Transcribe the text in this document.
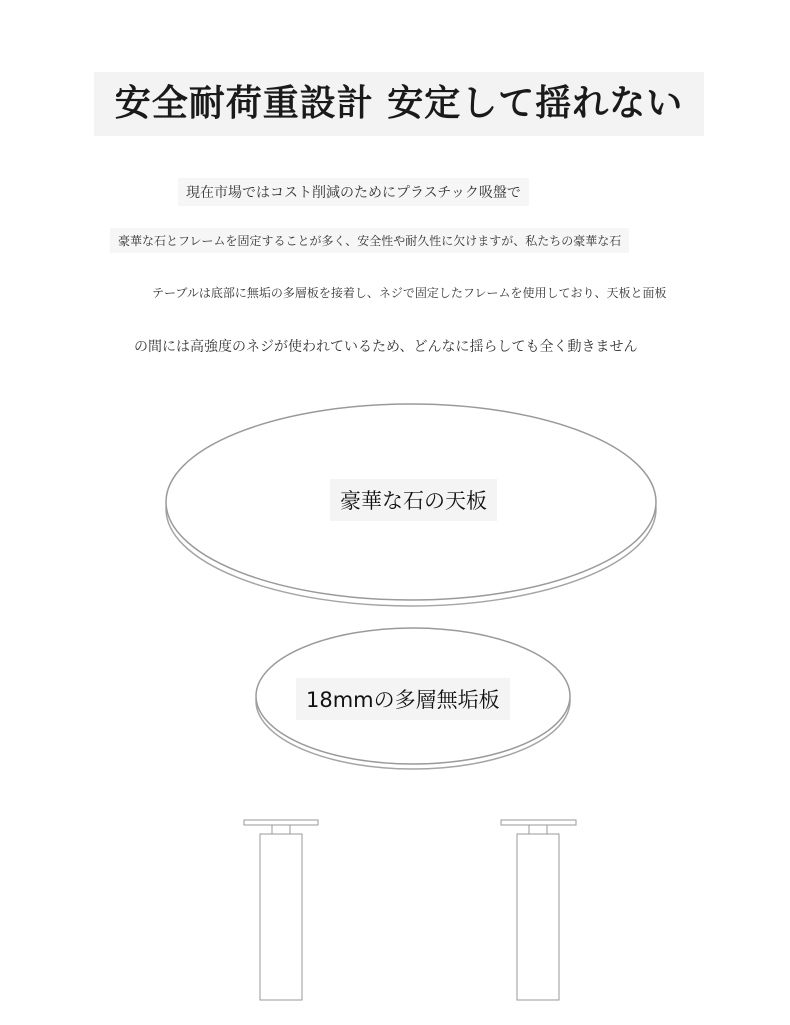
安全耐荷重設計 安定して揺れない
現在市場ではコスト削減のためにプラスチック吸盤で
豪華な石とフレームを固定することが多く、安全性や耐久性に欠けますが、私たちの豪華な石
テーブルは底部に無垢の多層板を接着し、ネジで固定したフレームを使用しており、天板と面板
の間には高強度のネジが使われているため、どんなに揺らしても全く動きません
豪華な石の天板
18mmの多層無垢板
